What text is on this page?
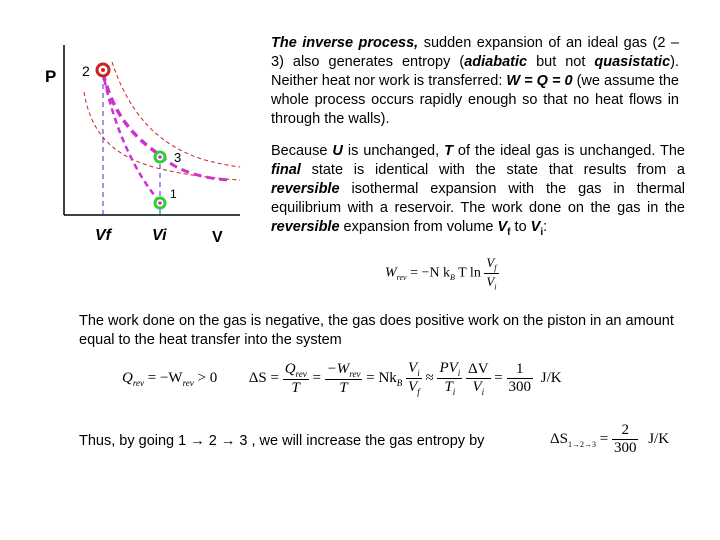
P 2
3
1
Vf	Vi	V
The inverse process, sudden expansion of an ideal gas (2 – 3) also generates entropy (adiabatic but not quasistatic). Neither heat nor work is transferred: W = Q = 0 (we assume the whole process occurs rapidly enough so that no heat flows in through the walls).
Because U is unchanged, T of the ideal gas is unchanged. The final state is identical with the state that results from a reversible isothermal expansion with the gas in thermal equilibrium with a reservoir. The work done on the gas in the reversible expansion from volume $V_f$ to $V_i$:
$W_{rev} = -N$ $k_B$ T $\ln \frac{V_f}{V_i}$
The work done on the gas is negative, the gas does positive work on the piston in an amount equal to the heat transfer into the system
$Q_{rev} = -W_{rev} > 0$ $\Delta S = \frac{Q_{rev}}{T} = \frac{-W_{rev}}{T} = Nk_B \frac{V_i}{V_f} \approx \frac{PV_i}{T_i}$
$\frac{\Delta V}{V_i} = \frac{1}{300} J/K$
Thus, by going 1 → 2 → 3 , we will increase the gas entropy by	$\Delta S_{1\to 2\to 3} = \frac{2}{300} J/K$
